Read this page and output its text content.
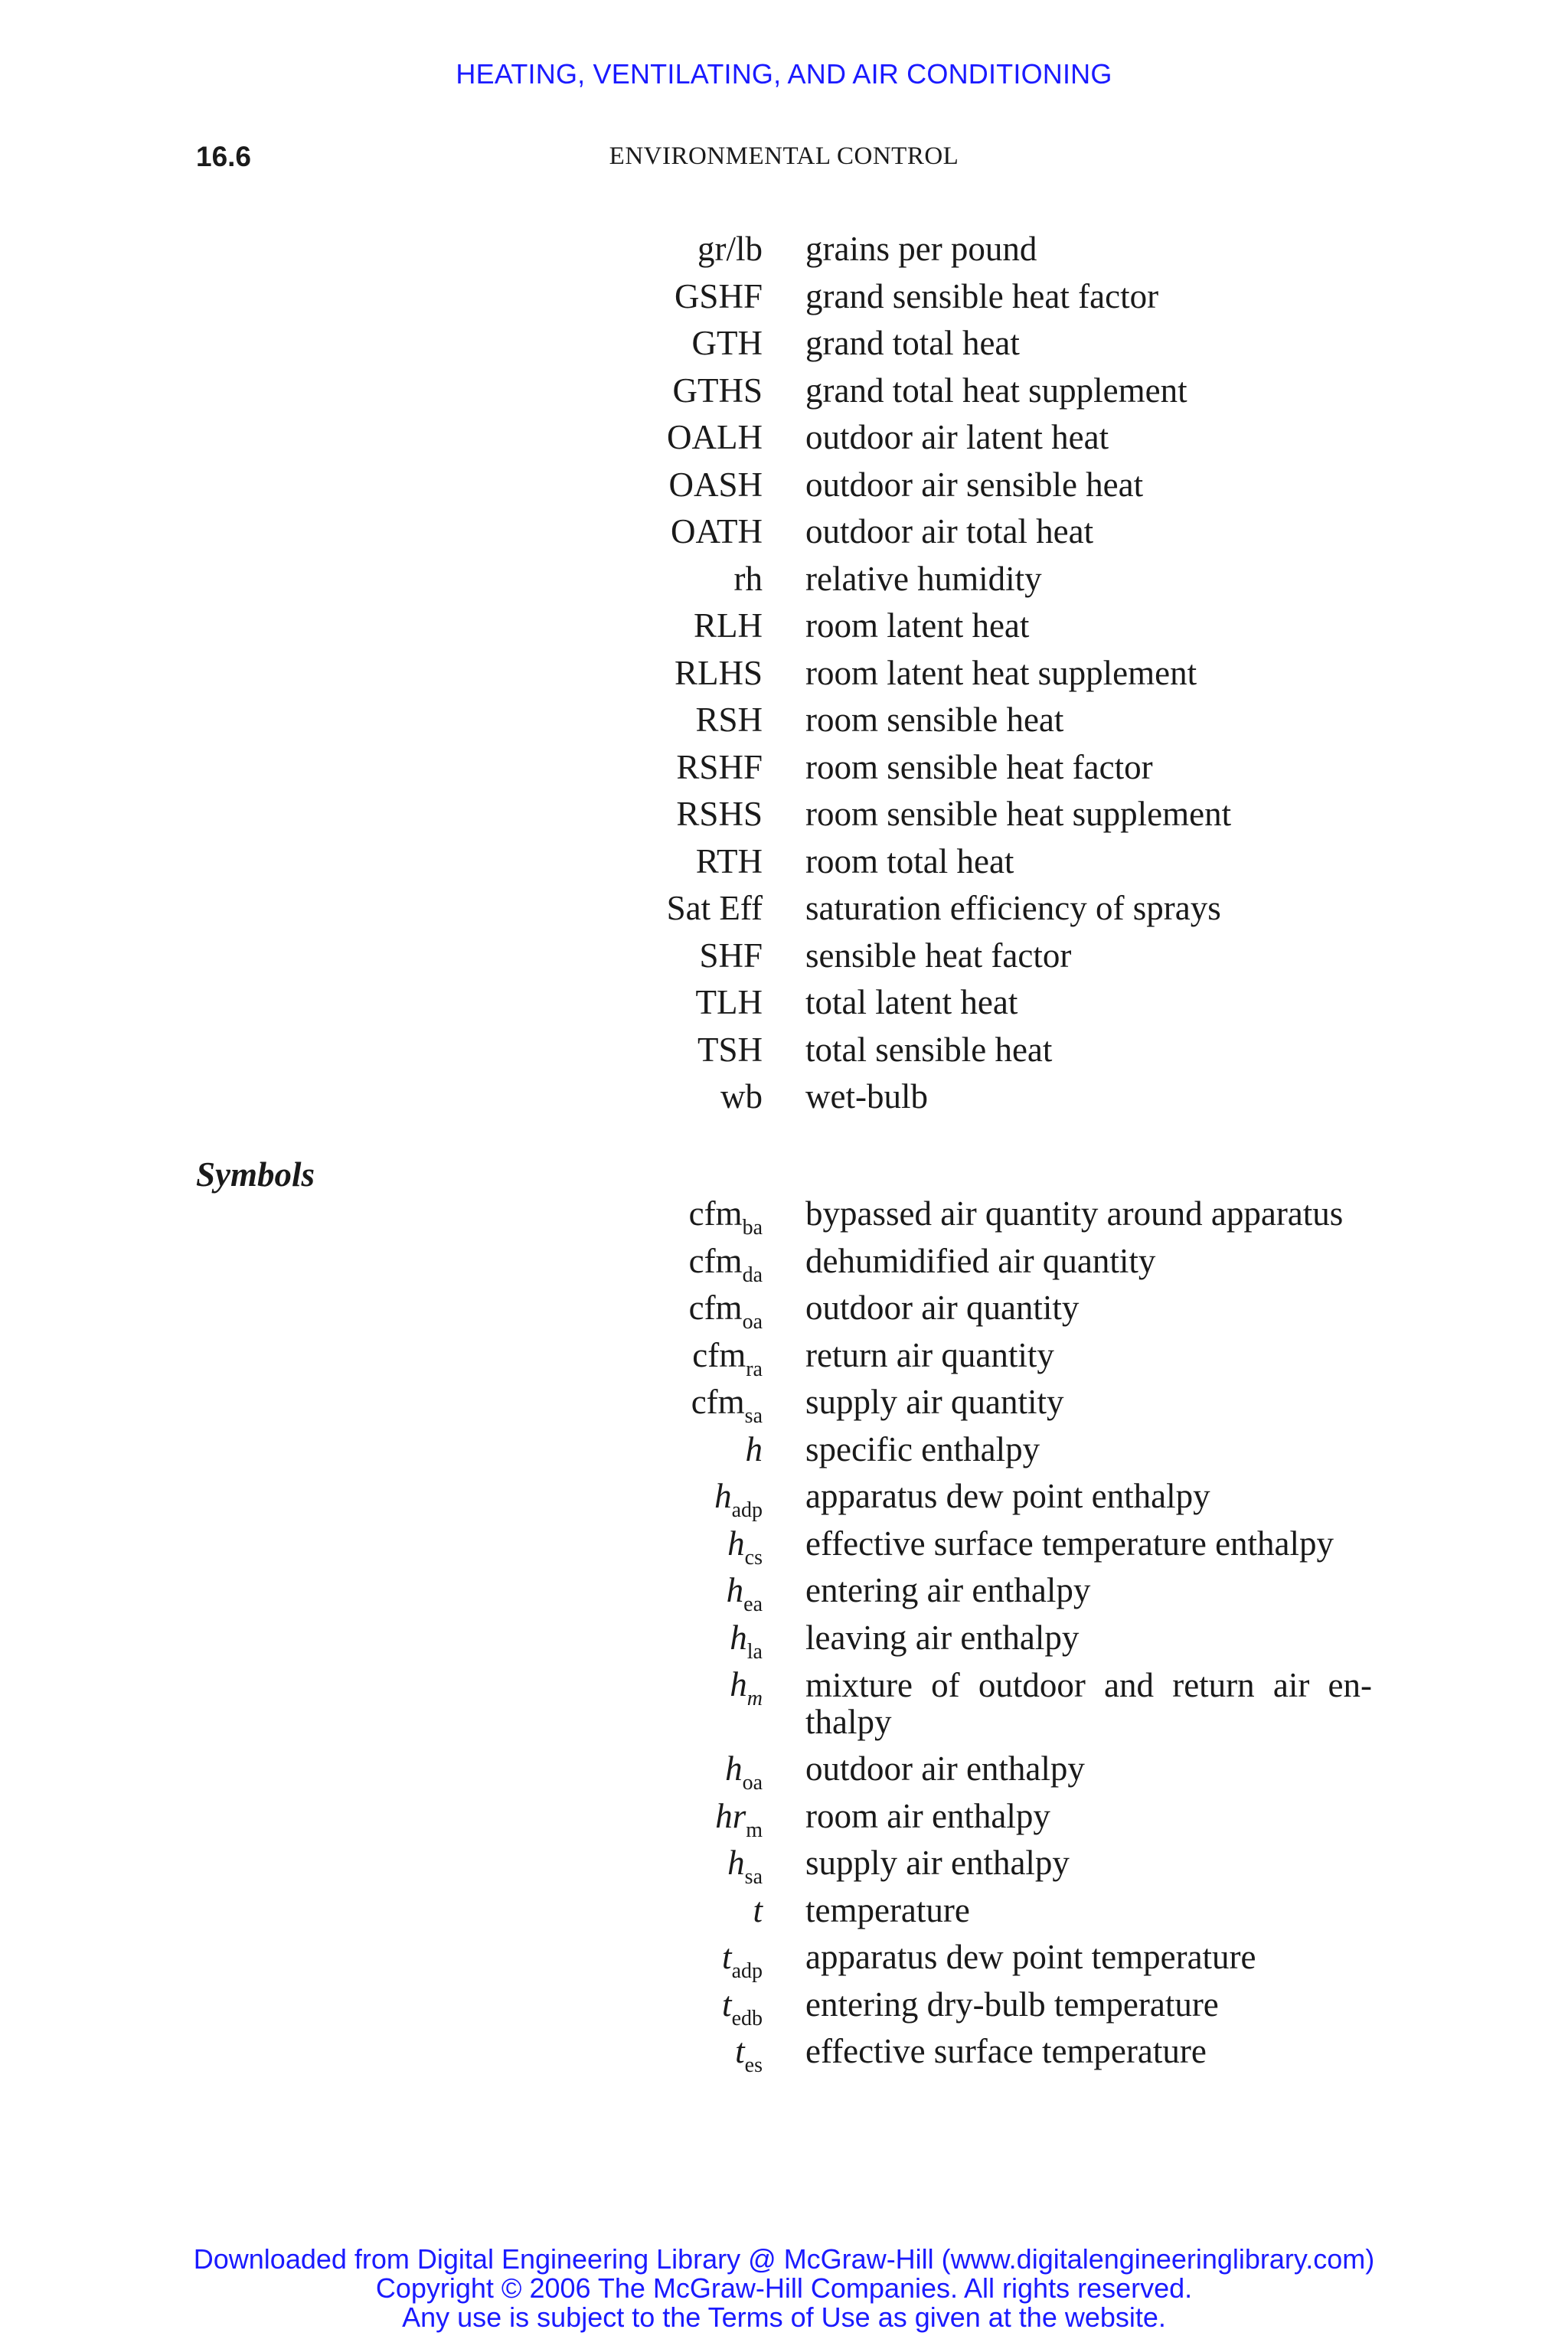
HEATING, VENTILATING, AND AIR CONDITIONING
16.6	ENVIRONMENTAL CONTROL
gr/lb grains per pound
GSHF grand sensible heat factor
GTH grand total heat
GTHS grand total heat supplement
OALH outdoor air latent heat
OASH outdoor air sensible heat
OATH outdoor air total heat
rh relative humidity
RLH room latent heat
RLHS room latent heat supplement
RSH room sensible heat
RSHF room sensible heat factor
RSHS room sensible heat supplement
RTH room total heat
Sat Eff saturation efficiency of sprays
SHF sensible heat factor
TLH total latent heat
TSH total sensible heat
wb wet-bulb
Symbols
cfm$_{ba}$ bypassed air quantity around apparatus
cfm$_{da}$ dehumidified air quantity
cfm$_{oa}$ outdoor air quantity
cfm$_{ra}$ return air quantity
cfm$_{sa}$ supply air quantity
h specific enthalpy
$h_{adp}$ apparatus dew point enthalpy
$h_{cs}$ effective surface temperature enthalpy
$h_{ea}$ entering air enthalpy
$h_{la}$ leaving air enthalpy
$h_m$ mixture of outdoor and return air en- thalpy
$h_{oa}$ outdoor air enthalpy
$hr_m$ room air enthalpy
$h_{sa}$ supply air enthalpy
t temperature
$t_{adp}$ apparatus dew point temperature
$t_{edb}$ entering dry-bulb temperature
$t_{es}$ effective surface temperature
Downloaded from Digital Engineering Library @ McGraw-Hill (www.digitalengineeringlibrary.com)
Copyright © 2006 The McGraw-Hill Companies. All rights reserved.
Any use is subject to the Terms of Use as given at the website.
